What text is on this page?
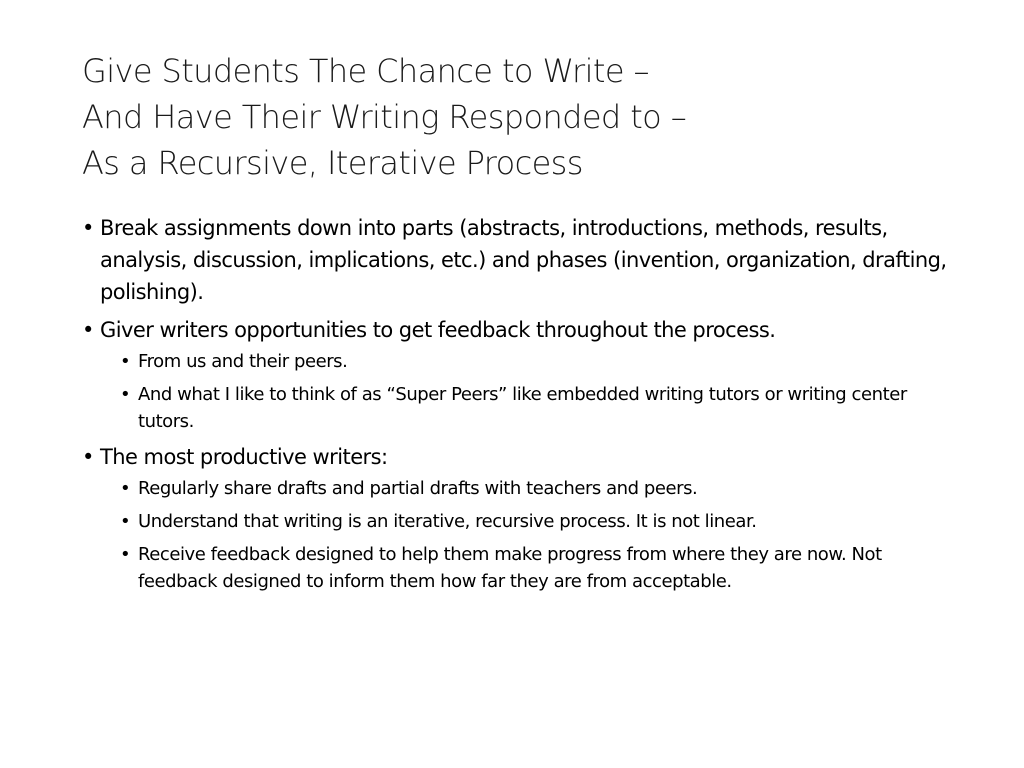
Give Students The Chance to Write –
And Have Their Writing Responded to –
As a Recursive, Iterative Process
• Break assignments down into parts (abstracts, introductions, methods, results, analysis, discussion, implications, etc.) and phases (invention, organization, drafting, polishing).
• Giver writers opportunities to get feedback throughout the process.
• From us and their peers.
• And what I like to think of as “Super Peers” like embedded writing tutors or writing center tutors.
• The most productive writers:
• Regularly share drafts and partial drafts with teachers and peers.
• Understand that writing is an iterative, recursive process. It is not linear.
• Receive feedback designed to help them make progress from where they are now. Not feedback designed to inform them how far they are from acceptable.
